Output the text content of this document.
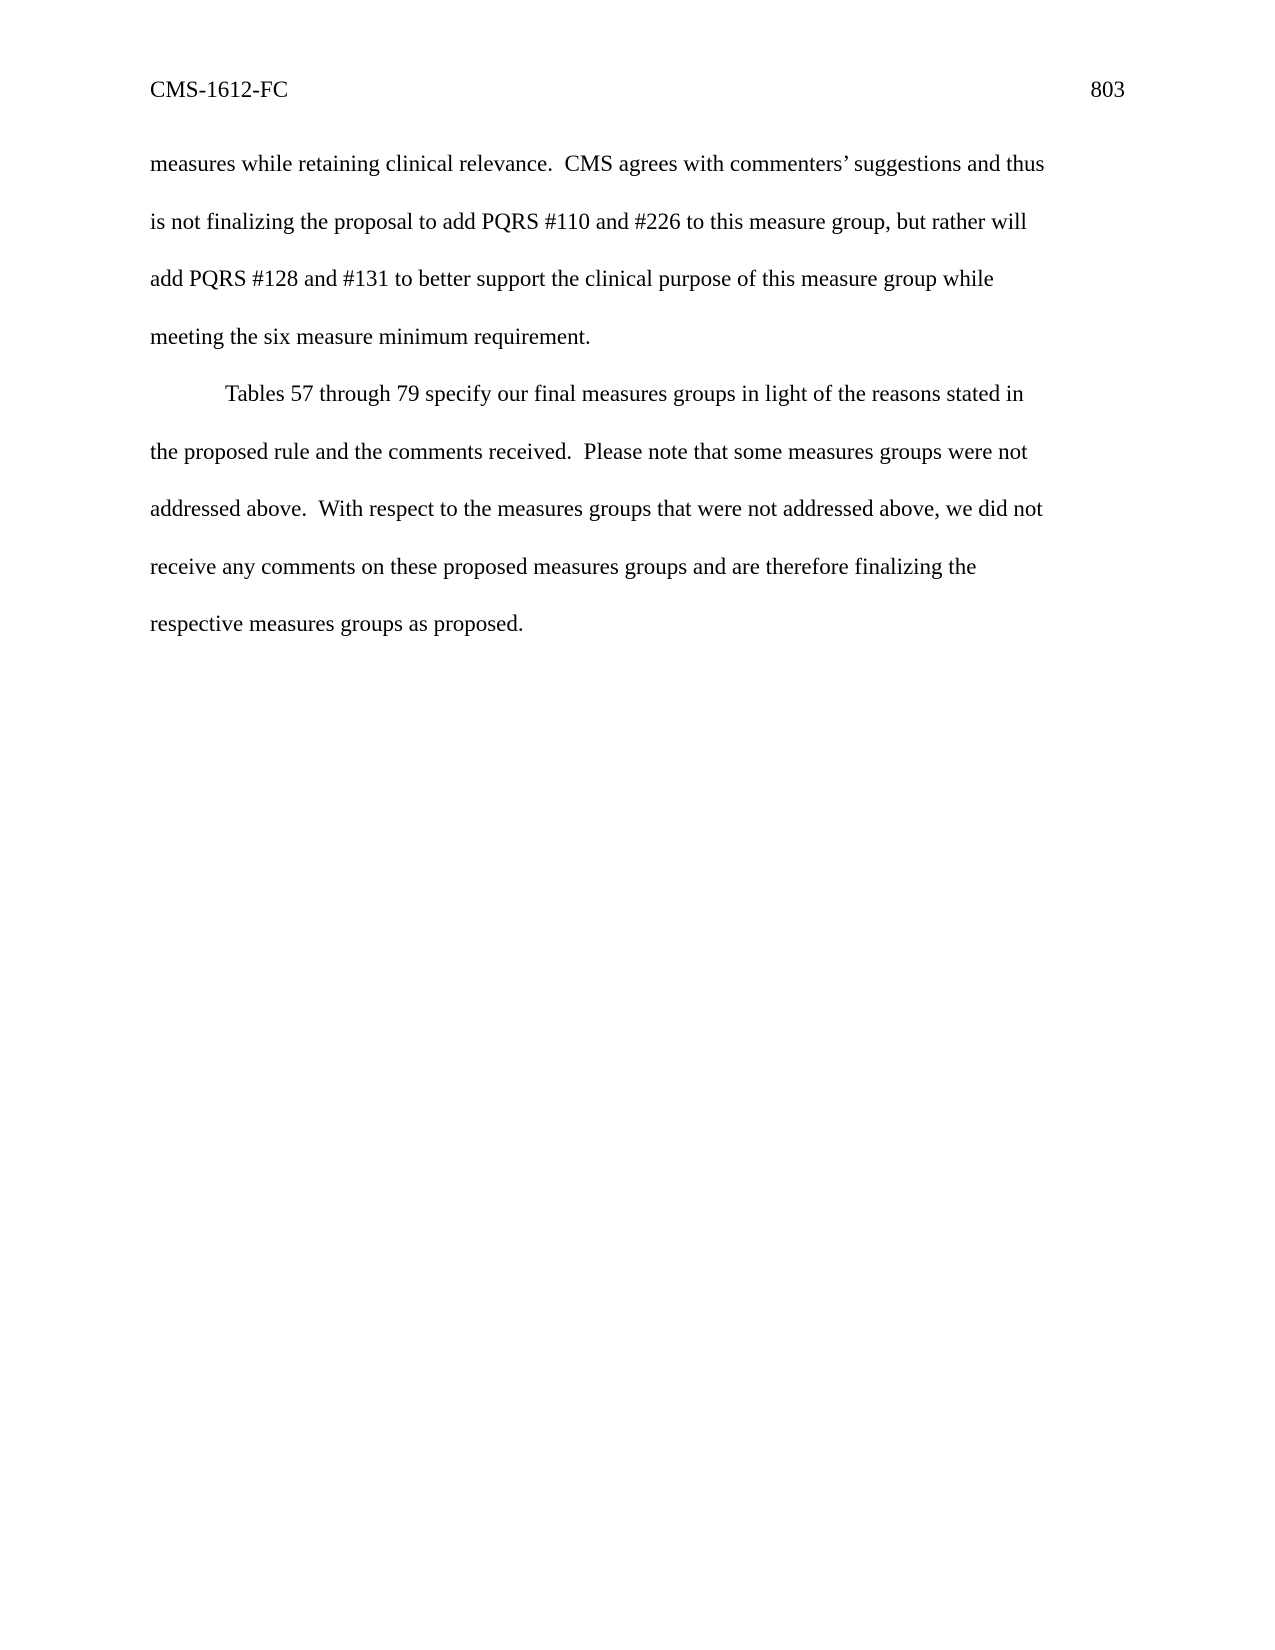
CMS-1612-FC	803

measures while retaining clinical relevance.  CMS agrees with commenters’ suggestions and thus

is not finalizing the proposal to add PQRS #110 and #226 to this measure group, but rather will

add PQRS #128 and #131 to better support the clinical purpose of this measure group while

meeting the six measure minimum requirement.

Tables 57 through 79 specify our final measures groups in light of the reasons stated in

the proposed rule and the comments received.  Please note that some measures groups were not

addressed above.  With respect to the measures groups that were not addressed above, we did not

receive any comments on these proposed measures groups and are therefore finalizing the

respective measures groups as proposed.
